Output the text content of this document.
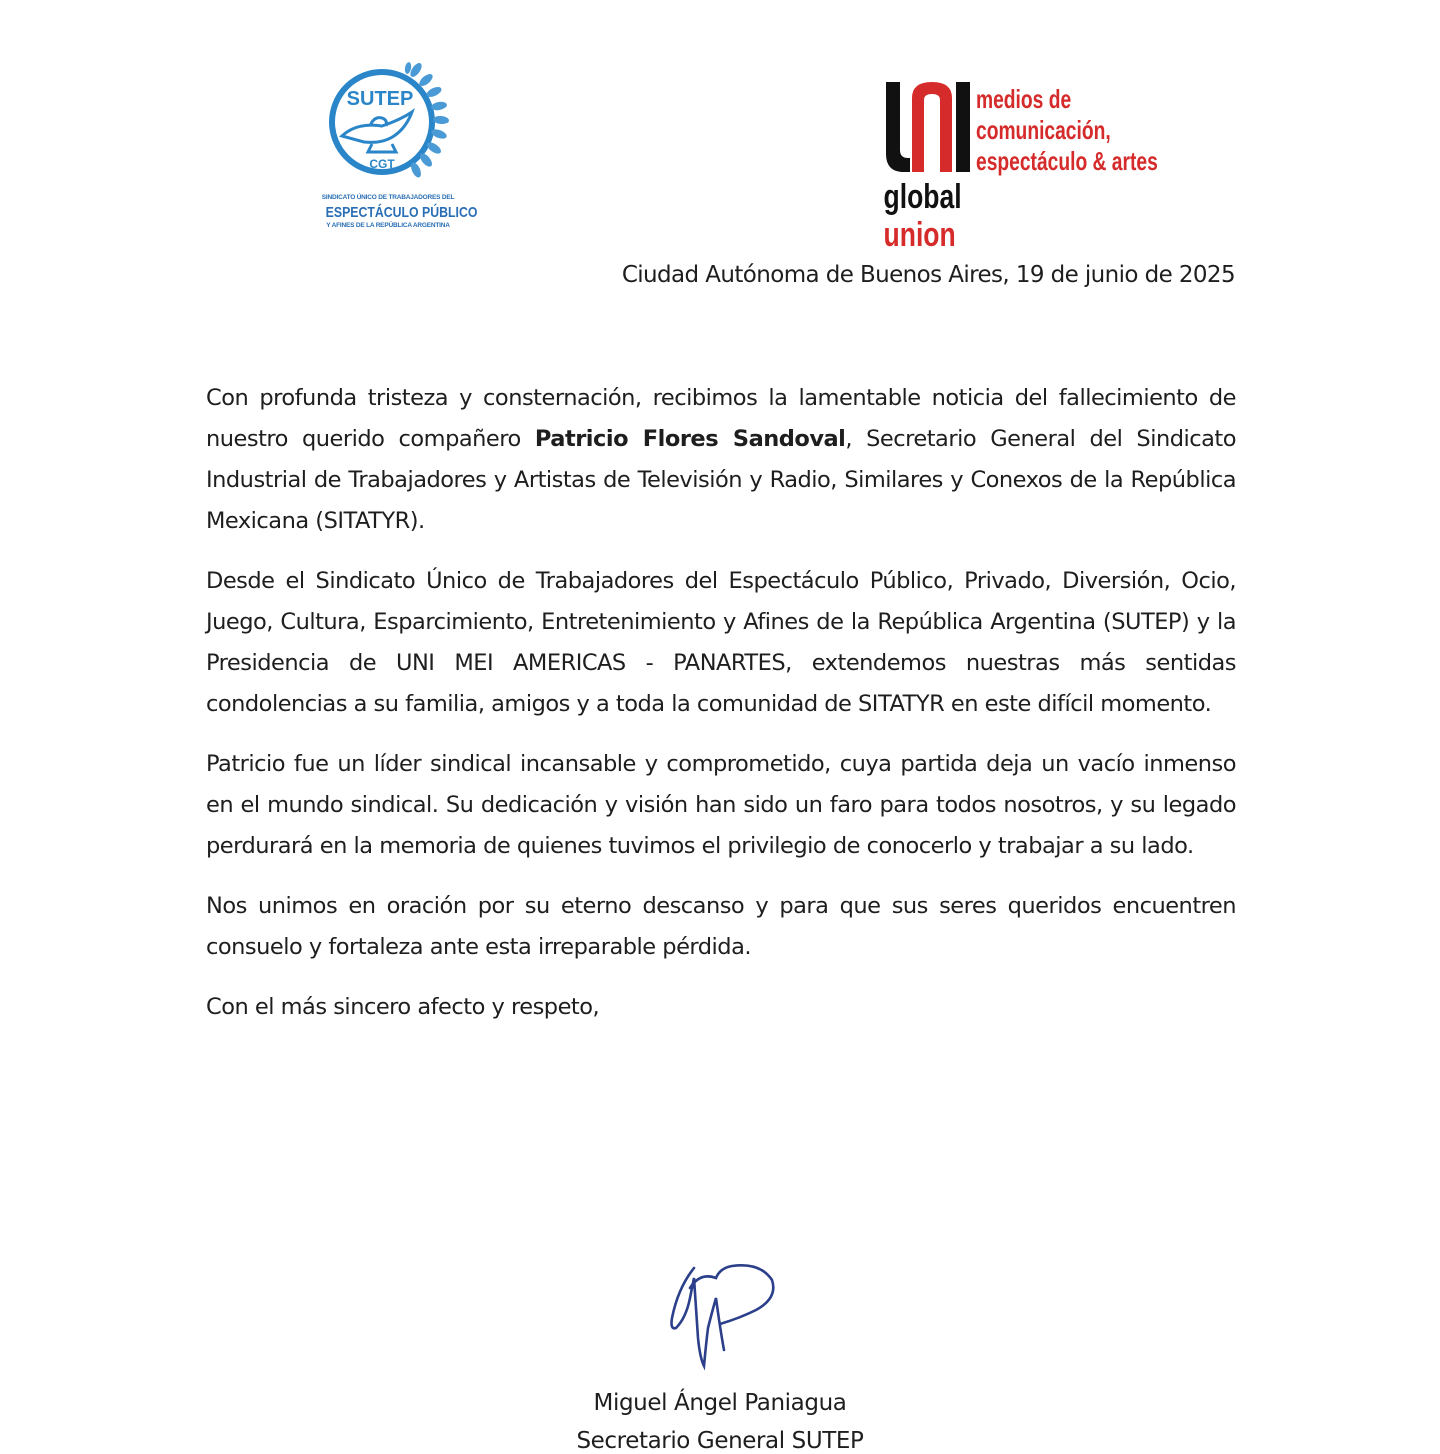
SUTEP
CGT
SINDICATO ÚNICO DE TRABAJADORES DEL
ESPECTÁCULO PÚBLICO
Y AFINES DE LA REPÚBLICA ARGENTINA
global
union
medios de
comunicación,
espectáculo & artes
Ciudad Autónoma de Buenos Aires, 19 de junio de 2025

Con profunda tristeza y consternación, recibimos la lamentable noticia del fallecimiento de nuestro querido compañero Patricio Flores Sandoval, Secretario General del Sindicato Industrial de Trabajadores y Artistas de Televisión y Radio, Similares y Conexos de la República Mexicana (SITATYR).

Desde el Sindicato Único de Trabajadores del Espectáculo Público, Privado, Diversión, Ocio, Juego, Cultura, Esparcimiento, Entretenimiento y Afines de la República Argentina (SUTEP) y la Presidencia de UNI MEI AMERICAS - PANARTES, extendemos nuestras más sentidas condolencias a su familia, amigos y a toda la comunidad de SITATYR en este difícil momento.

Patricio fue un líder sindical incansable y comprometido, cuya partida deja un vacío inmenso en el mundo sindical. Su dedicación y visión han sido un faro para todos nosotros, y su legado perdurará en la memoria de quienes tuvimos el privilegio de conocerlo y trabajar a su lado.

Nos unimos en oración por su eterno descanso y para que sus seres queridos encuentren consuelo y fortaleza ante esta irreparable pérdida.

Con el más sincero afecto y respeto,

Miguel Ángel Paniagua
Secretario General SUTEP
